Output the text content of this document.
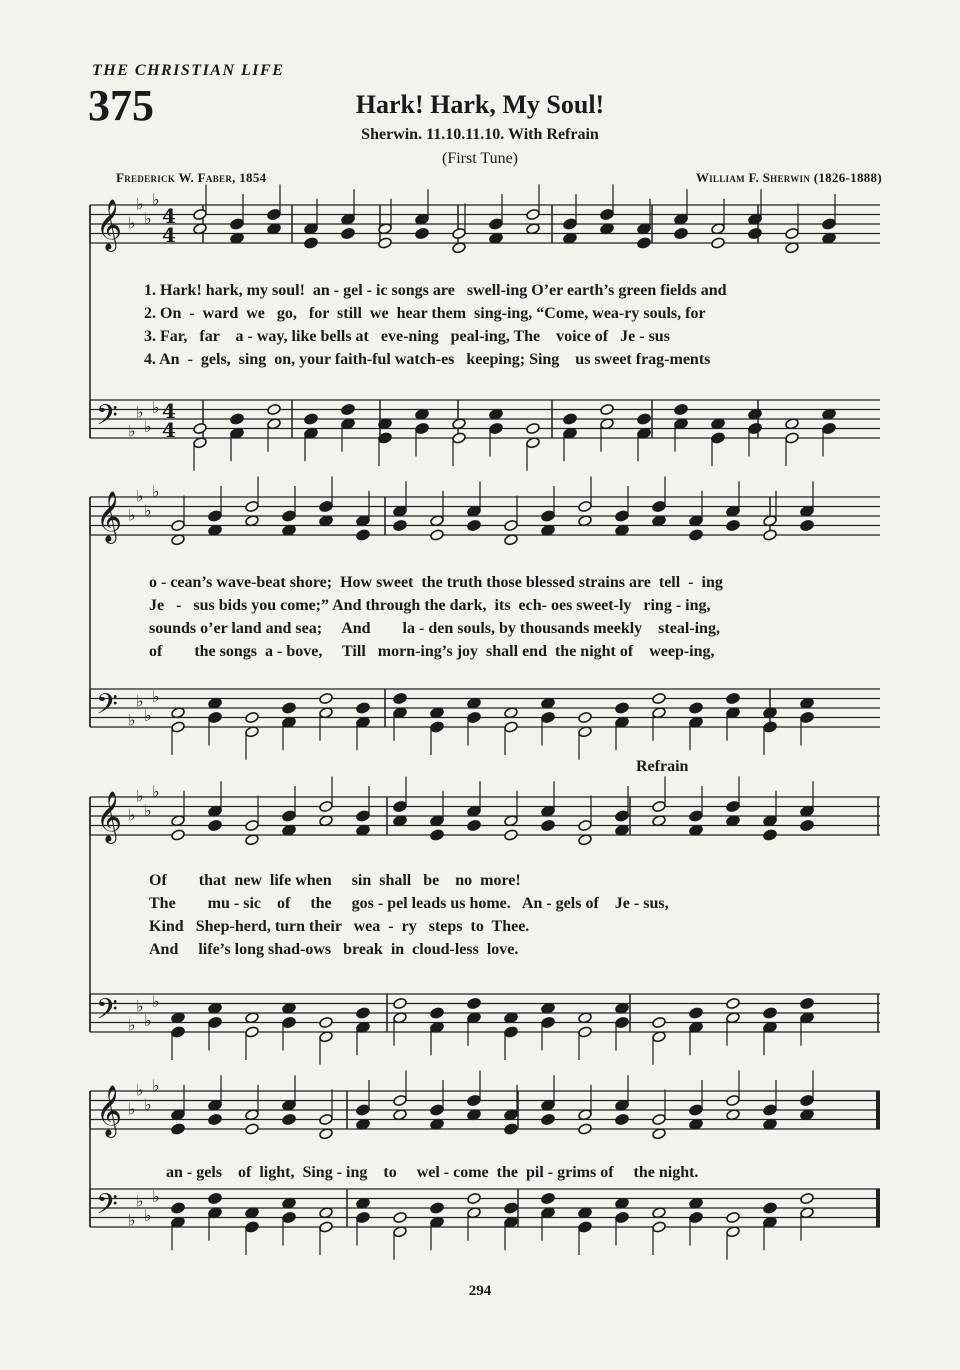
THE CHRISTIAN LIFE
375	Hark! Hark, My Soul!
Sherwin. 11.10.11.10. With Refrain
(First Tune)
Frederick W. Faber, 1854	William F. Sherwin (1826-1888)
𝄞 ♭
♭
♭
♭
4
4
𝄢 ♭
♭
♭
♭ 4
4
𝄞 ♭
♭
♭
♭
𝄢 ♭
♭
♭
♭
𝄞 ♭
♭
♭
♭
𝄢 ♭
♭
♭
♭
𝄞 ♭
♭
♭
♭
𝄢 ♭
♭
♭
♭
1. Hark! hark, my soul!  an - gel - ic songs are   swell-ing O’er earth’s green fields and
2. On  -  ward  we   go,   for  still  we  hear them  sing-ing, “Come, wea-ry souls, for
3. Far,   far    a - way, like bells at   eve-ning   peal-ing, The    voice of   Je - sus
4. An  -  gels,  sing  on, your faith-ful watch-es   keeping; Sing    us sweet frag-ments
o - cean’s wave-beat shore;  How sweet  the truth those blessed strains are  tell  -  ing
Je   -   sus bids you come;” And through the dark,  its  ech- oes sweet-ly   ring - ing,
sounds o’er land and sea;     And        la - den souls, by thousands meekly    steal-ing,
of        the songs  a - bove,     Till   morn-ing’s joy  shall end  the night of    weep-ing,
Refrain
Of        that  new  life when     sin  shall   be    no  more!
The        mu - sic    of     the     gos - pel leads us home.   An - gels of    Je - sus,
Kind   Shep-herd, turn their   wea  -  ry   steps  to  Thee.
And     life’s long shad-ows   break  in  cloud-less  love.
an - gels    of  light,  Sing - ing    to     wel - come  the  pil - grims of     the night.
294
